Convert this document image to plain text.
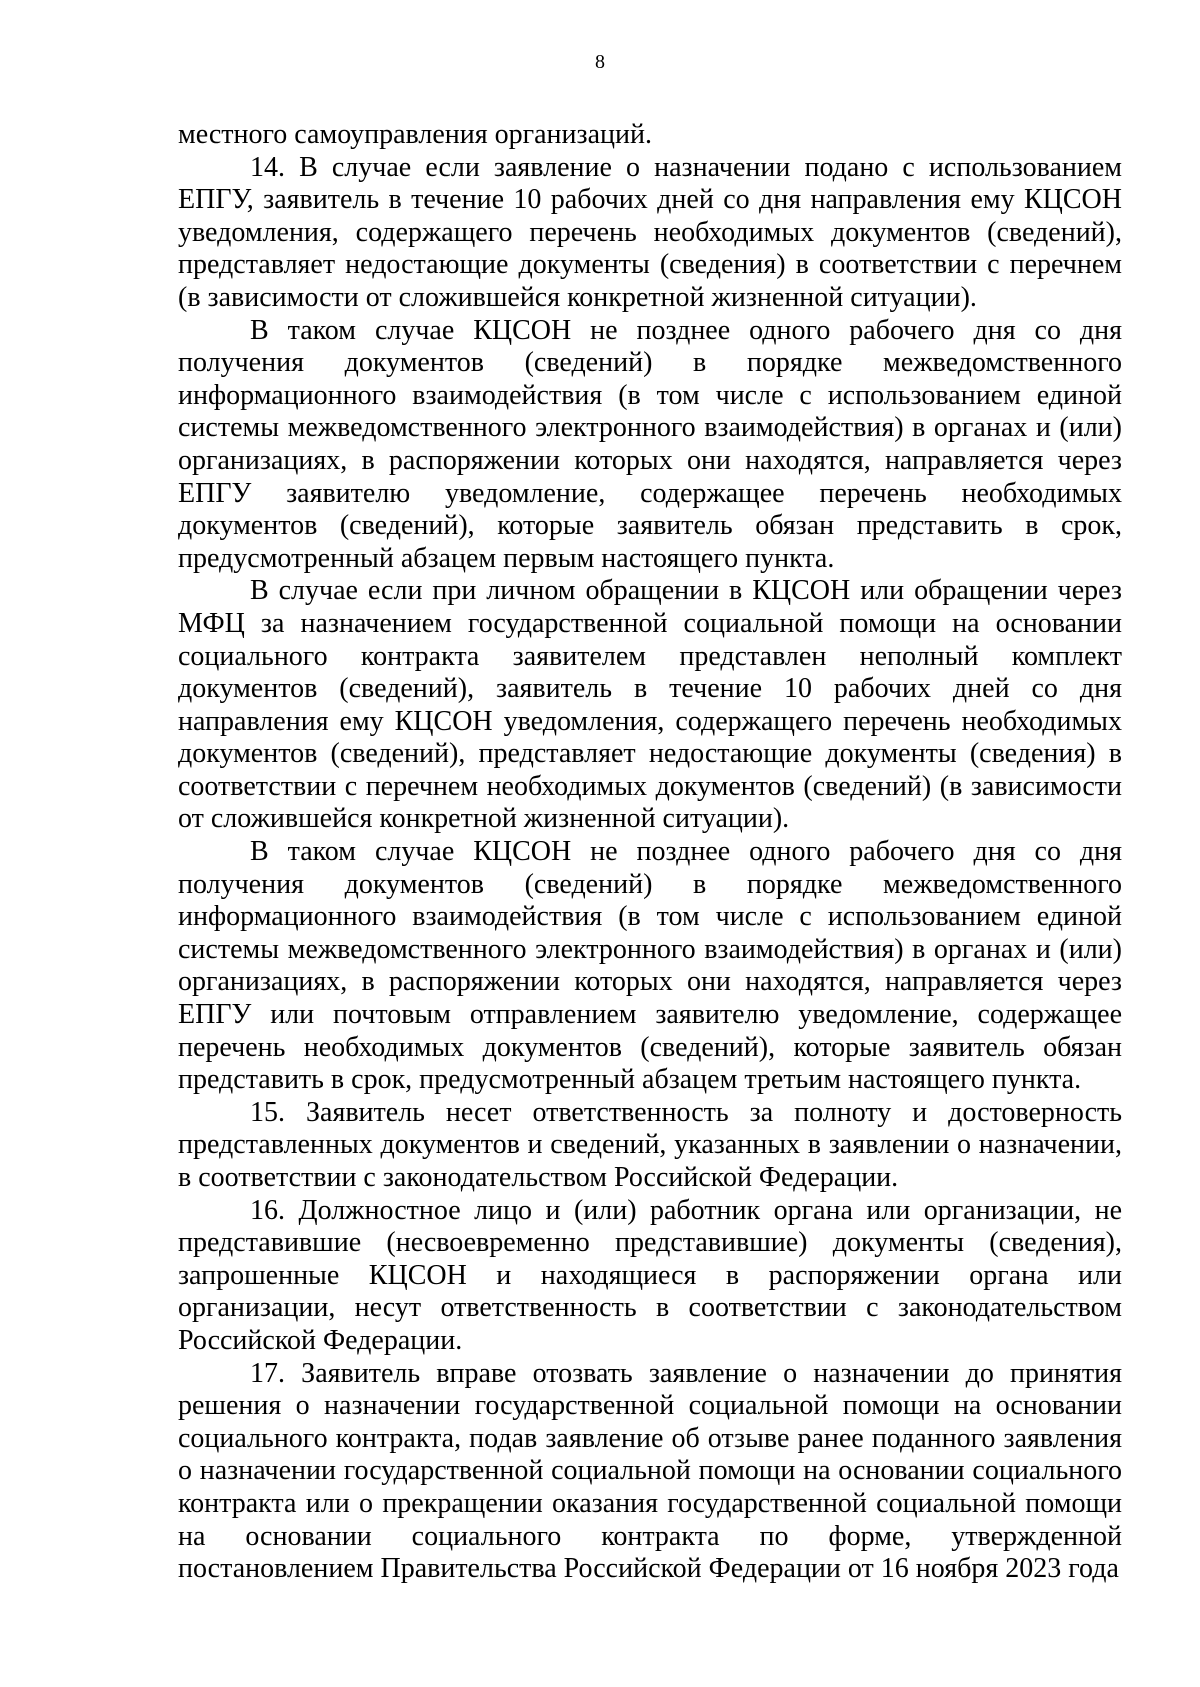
8

местного самоуправления организаций.

14. В случае если заявление о назначении подано с использованием ЕПГУ, заявитель в течение 10 рабочих дней со дня направления ему КЦСОН уведомления, содержащего перечень необходимых документов (сведений), представляет недостающие документы (сведения) в соответствии с перечнем (в зависимости от сложившейся конкретной жизненной ситуации).

В таком случае КЦСОН не позднее одного рабочего дня со дня получения документов (сведений) в порядке межведомственного информационного взаимодействия (в том числе с использованием единой системы межведомственного электронного взаимодействия) в органах и (или) организациях, в распоряжении которых они находятся, направляется через ЕПГУ заявителю уведомление, содержащее перечень необходимых документов (сведений), которые заявитель обязан представить в срок, предусмотренный абзацем первым настоящего пункта.

В случае если при личном обращении в КЦСОН или обращении через МФЦ за назначением государственной социальной помощи на основании социального контракта заявителем представлен неполный комплект документов (сведений), заявитель в течение 10 рабочих дней со дня направления ему КЦСОН уведомления, содержащего перечень необходимых документов (сведений), представляет недостающие документы (сведения) в соответствии с перечнем необходимых документов (сведений) (в зависимости от сложившейся конкретной жизненной ситуации).

В таком случае КЦСОН не позднее одного рабочего дня со дня получения документов (сведений) в порядке межведомственного информационного взаимодействия (в том числе с использованием единой системы межведомственного электронного взаимодействия) в органах и (или) организациях, в распоряжении которых они находятся, направляется через ЕПГУ или почтовым отправлением заявителю уведомление, содержащее перечень необходимых документов (сведений), которые заявитель обязан представить в срок, предусмотренный абзацем третьим настоящего пункта.

15. Заявитель несет ответственность за полноту и достоверность представленных документов и сведений, указанных в заявлении о назначении, в соответствии с законодательством Российской Федерации.

16. Должностное лицо и (или) работник органа или организации, не представившие (несвоевременно представившие) документы (сведения), запрошенные КЦСОН и находящиеся в распоряжении органа или организации, несут ответственность в соответствии с законодательством Российской Федерации.

17. Заявитель вправе отозвать заявление о назначении до принятия решения о назначении государственной социальной помощи на основании социального контракта, подав заявление об отзыве ранее поданного заявления о назначении государственной социальной помощи на основании социального контракта или о прекращении оказания государственной социальной помощи на основании социального контракта по форме, утвержденной постановлением Правительства Российской Федерации от 16 ноября 2023 года
